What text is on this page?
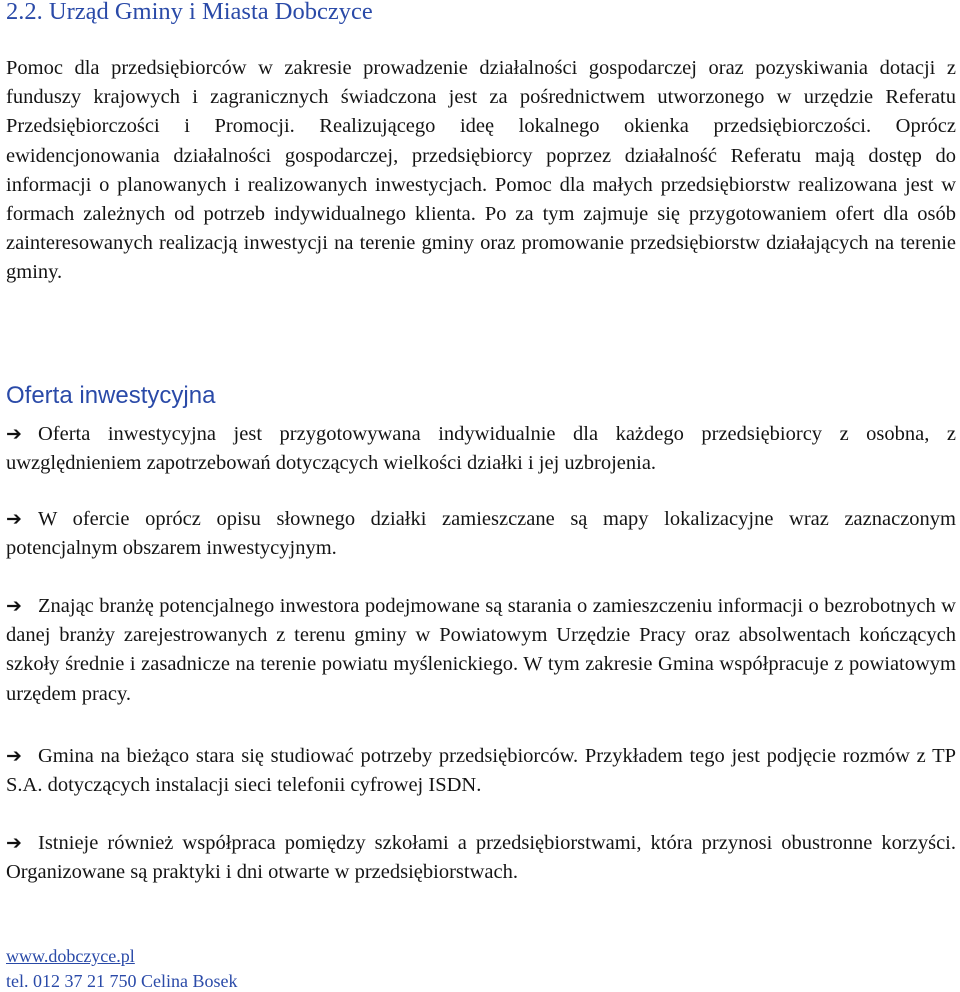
2.2. Urząd Gminy i Miasta Dobczyce

Pomoc dla przedsiębiorców w zakresie prowadzenie działalności gospodarczej oraz pozyskiwania dotacji z funduszy krajowych i zagranicznych świadczona jest za pośrednictwem utworzonego w urzędzie Referatu Przedsiębiorczości i Promocji. Realizującego ideę lokalnego okienka przedsiębiorczości. Oprócz ewidencjonowania działalności gospodarczej, przedsiębiorcy poprzez działalność Referatu mają dostęp do informacji o planowanych i realizowanych inwestycjach. Pomoc dla małych przedsiębiorstw realizowana jest w formach zależnych od potrzeb indywidualnego klienta. Po za tym zajmuje się przygotowaniem ofert dla osób zainteresowanych realizacją inwestycji na terenie gminy oraz promowanie przedsiębiorstw działających na terenie gminy.

Oferta inwestycyjna

➔ Oferta inwestycyjna jest przygotowywana indywidualnie dla każdego przedsiębiorcy z osobna, z uwzględnieniem zapotrzebowań dotyczących wielkości działki i jej uzbrojenia.

➔ W ofercie oprócz opisu słownego działki zamieszczane są mapy lokalizacyjne wraz zaznaczonym potencjalnym obszarem inwestycyjnym.

➔ Znając branżę potencjalnego inwestora podejmowane są starania o zamieszczeniu informacji o bezrobotnych w danej branży zarejestrowanych z terenu gminy w Powiatowym Urzędzie Pracy oraz absolwentach kończących szkoły średnie i zasadnicze na terenie powiatu myślenickiego. W tym zakresie Gmina współpracuje z powiatowym urzędem pracy.

➔ Gmina na bieżąco stara się studiować potrzeby przedsiębiorców. Przykładem tego jest podjęcie rozmów z TP S.A. dotyczących instalacji sieci telefonii cyfrowej ISDN.

➔ Istnieje również współpraca pomiędzy szkołami a przedsiębiorstwami, która przynosi obustronne korzyści. Organizowane są praktyki i dni otwarte w przedsiębiorstwach.

www.dobczyce.pl
tel. 012 37 21 750 Celina Bosek
